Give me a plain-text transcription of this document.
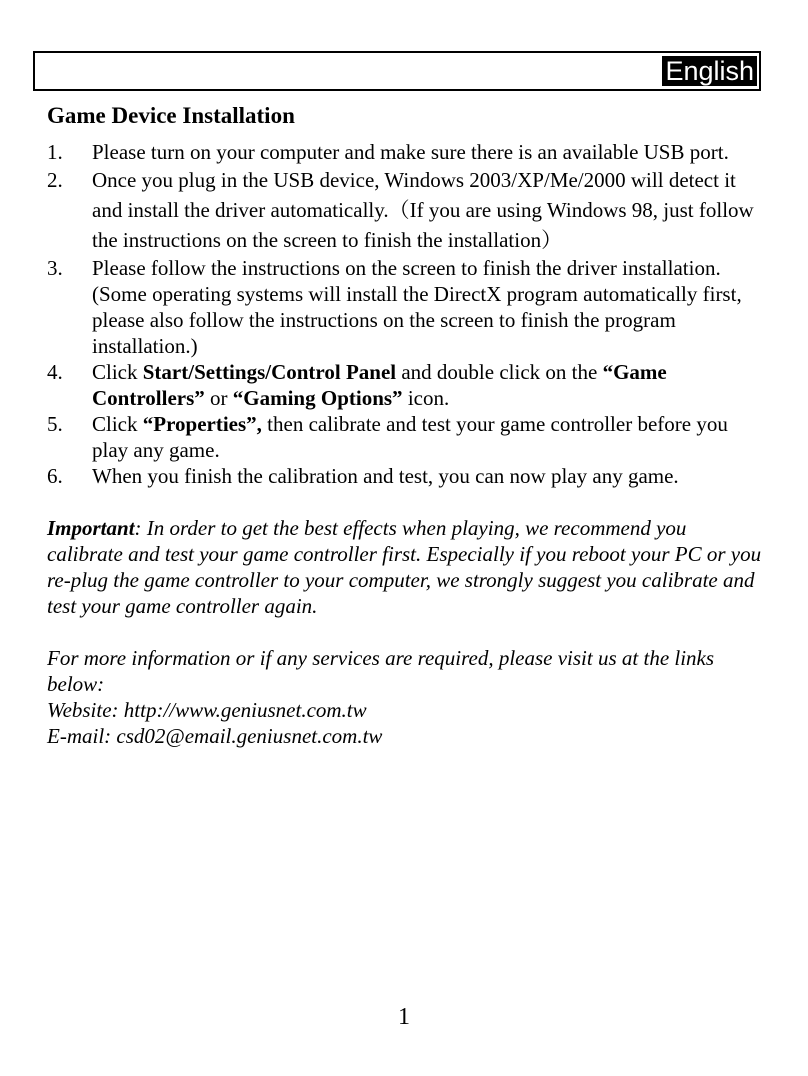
English
Game Device Installation
1. Please turn on your computer and make sure there is an available USB port.
2. Once you plug in the USB device, Windows 2003/XP/Me/2000 will detect it and install the driver automatically.（If you are using Windows 98, just follow the instructions on the screen to finish the installation）
3. Please follow the instructions on the screen to finish the driver installation. (Some operating systems will install the DirectX program automatically first, please also follow the instructions on the screen to finish the program installation.)
4. Click Start/Settings/Control Panel and double click on the “Game Controllers” or “Gaming Options” icon.
5. Click “Properties”, then calibrate and test your game controller before you play any game.
6. When you finish the calibration and test, you can now play any game.

Important: In order to get the best effects when playing, we recommend you calibrate and test your game controller first. Especially if you reboot your PC or you re-plug the game controller to your computer, we strongly suggest you calibrate and test your game controller again.

For more information or if any services are required, please visit us at the links below:
Website: http://www.geniusnet.com.tw
E-mail: csd02@email.geniusnet.com.tw
1
